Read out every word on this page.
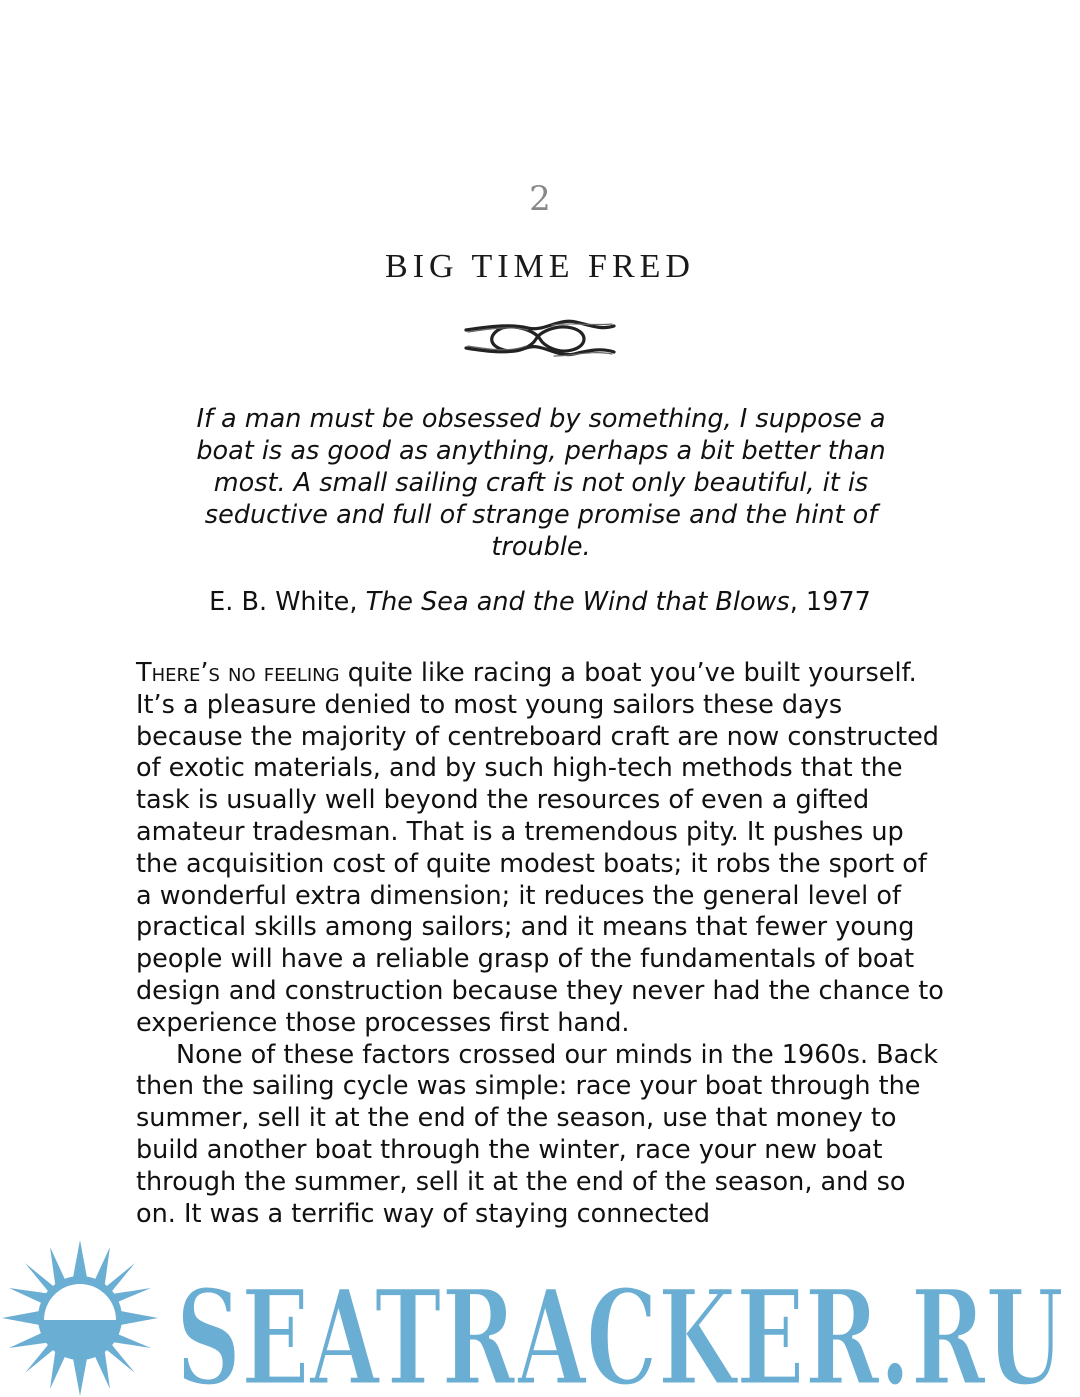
2
BIG TIME FRED

If a man must be obsessed by something, I suppose a boat is as good as anything, perhaps a bit better than most. A small sailing craft is not only beautiful, it is seductive and full of strange promise and the hint of trouble.

E. B. White, The Sea and the Wind that Blows, 1977

There’s no feeling quite like racing a boat you’ve built yourself. It’s a pleasure denied to most young sailors these days because the majority of centreboard craft are now constructed of exotic materials, and by such high-tech methods that the task is usually well beyond the resources of even a gifted amateur tradesman. That is a tremendous pity. It pushes up the acquisition cost of quite modest boats; it robs the sport of a wonderful extra dimension; it reduces the general level of practical skills among sailors; and it means that fewer young people will have a reliable grasp of the fundamentals of boat design and construction because they never had the chance to experience those processes first hand.

None of these factors crossed our minds in the 1960s. Back then the sailing cycle was simple: race your boat through the summer, sell it at the end of the season, use that money to build another boat through the winter, race your new boat through the summer, sell it at the end of the season, and so on. It was a terrific way of staying connected

SEATRACKER.RU
